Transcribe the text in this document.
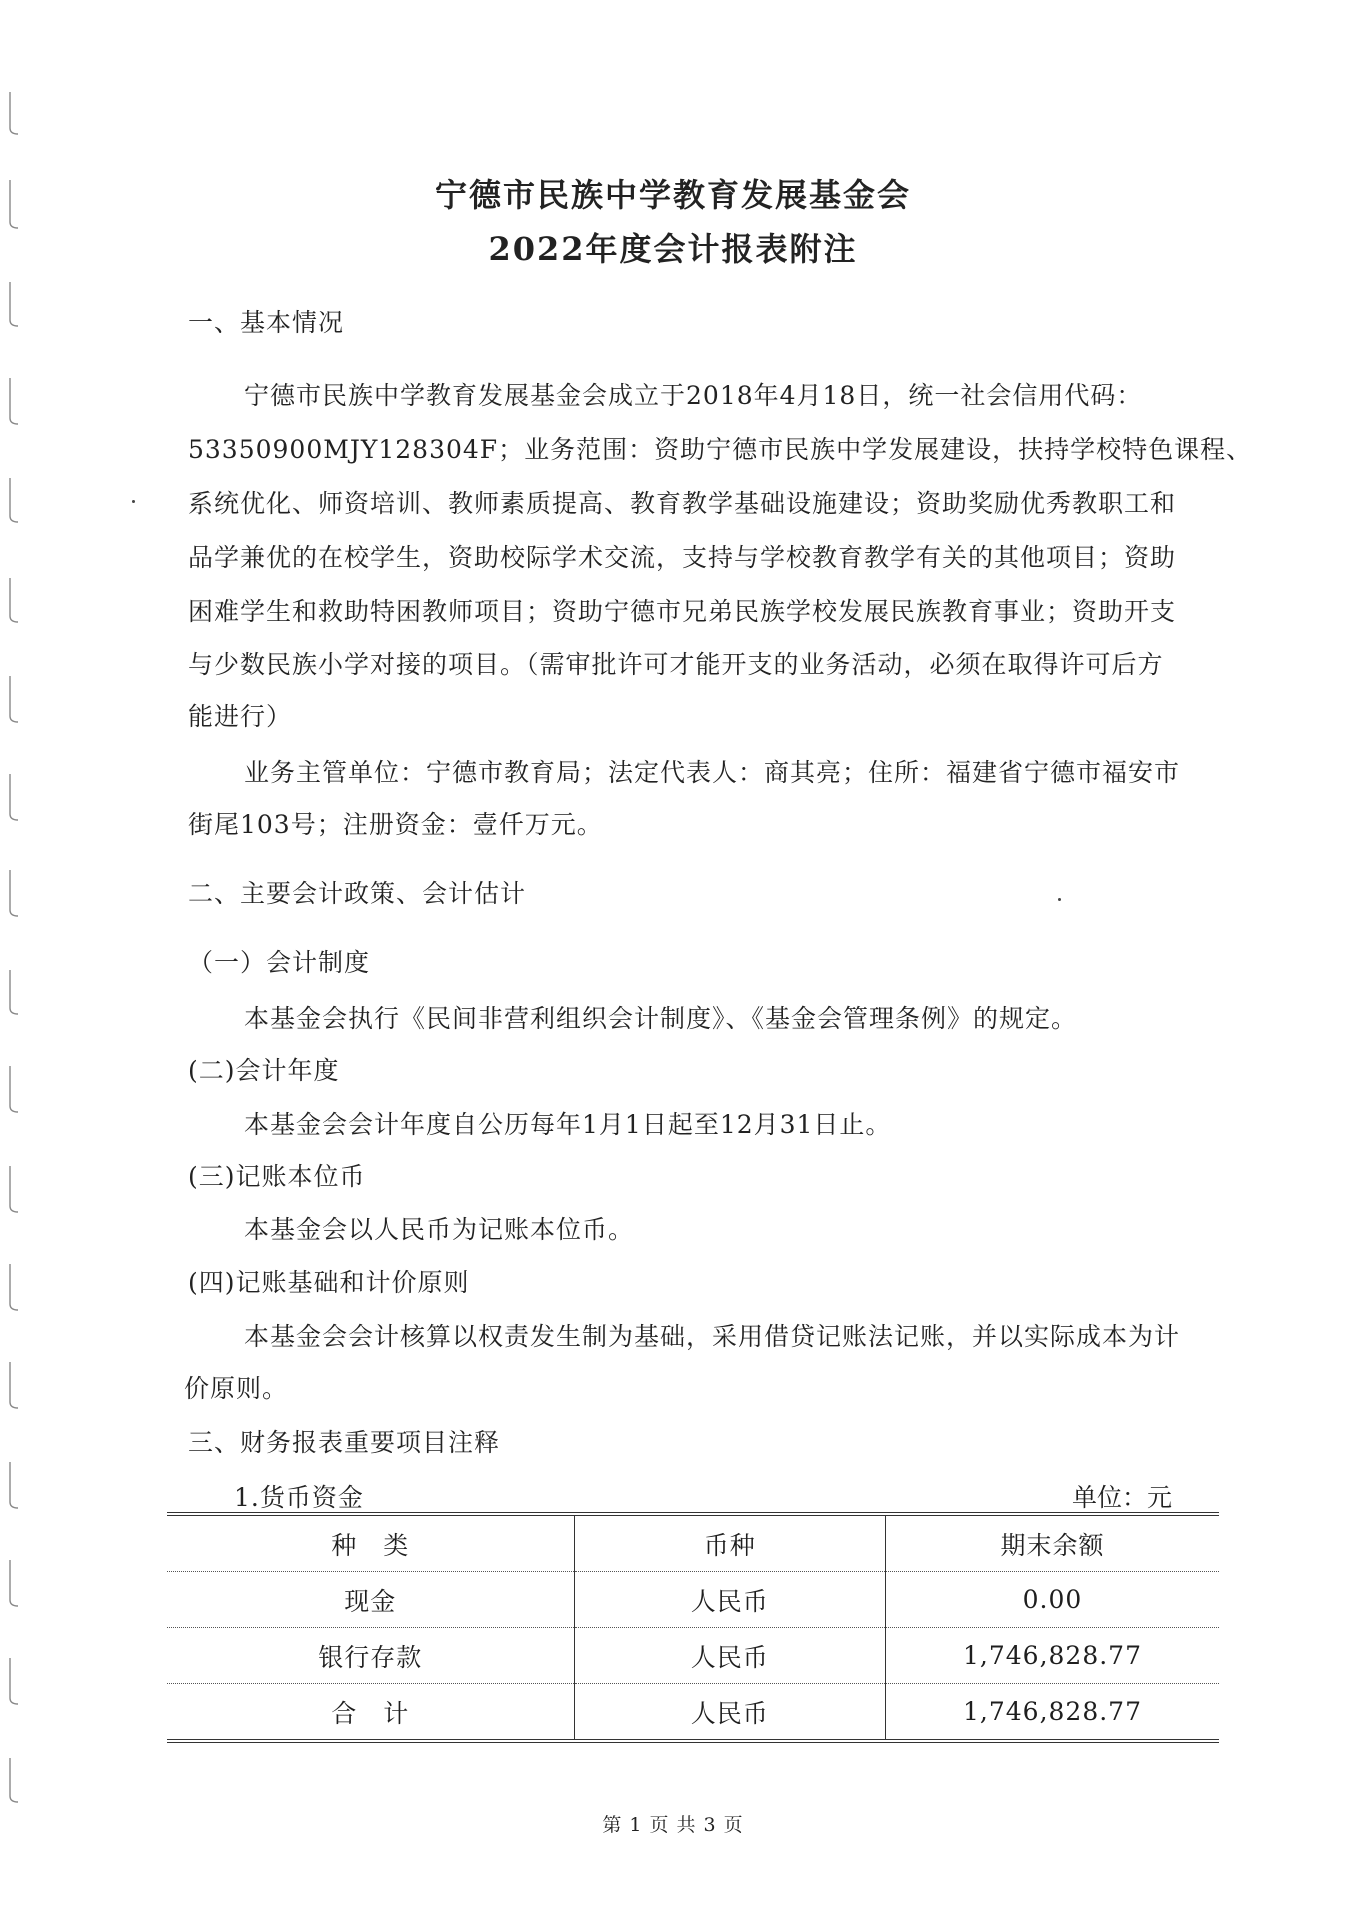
宁德市民族中学教育发展基金会
2022年度会计报表附注
一、基本情况
宁德市民族中学教育发展基金会成立于2018年4月18日，统一社会信用代码：
53350900MJY128304F；业务范围：资助宁德市民族中学发展建设，扶持学校特色课程、
系统优化、师资培训、教师素质提高、教育教学基础设施建设；资助奖励优秀教职工和
品学兼优的在校学生，资助校际学术交流，支持与学校教育教学有关的其他项目；资助
困难学生和救助特困教师项目；资助宁德市兄弟民族学校发展民族教育事业；资助开支
与少数民族小学对接的项目。（需审批许可才能开支的业务活动，必须在取得许可后方
能进行）
业务主管单位：宁德市教育局；法定代表人：商其亮；住所：福建省宁德市福安市
街尾103号；注册资金：壹仟万元。
二、主要会计政策、会计估计
（一）会计制度
本基金会执行《民间非营利组织会计制度》、《基金会管理条例》的规定。
(二)会计年度
本基金会会计年度自公历每年1月1日起至12月31日止。
(三)记账本位币
本基金会以人民币为记账本位币。
(四)记账基础和计价原则
本基金会会计核算以权责发生制为基础，采用借贷记账法记账，并以实际成本为计
价原则。
三、财务报表重要项目注释
1.货币资金	单位：元
种　类	币种	期末余额
现金	人民币	0.00
银行存款	人民币	1,746,828.77
合　计	人民币	1,746,828.77
第 1 页 共 3 页
